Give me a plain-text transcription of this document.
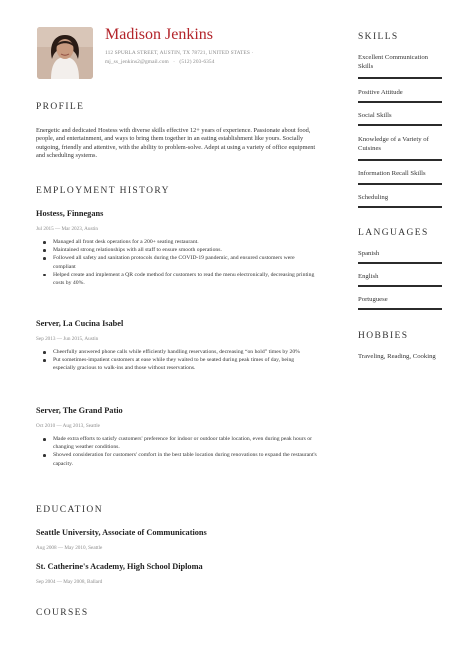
Madison Jenkins
112 SPURLA STREET, AUSTIN, TX 78721, UNITED STATES ·
mj_ss_jenkins2@gmail.com   ·   (512) 203-6354
PROFILE
Energetic and dedicated Hostess with diverse skills effective 12+ years of experience. Passionate about food, people, and entertainment, and ways to bring them together in an eating establishment like yours. Socially outgoing, friendly and attentive, with the ability to problem-solve. Adept at using a variety of office equipment and scheduling systems.
EMPLOYMENT HISTORY
Hostess, Finnegans
Jul 2015 — Mar 2023, Austin
Managed all front desk operations for a 200+ seating restaurant.
Maintained strong relationships with all staff to ensure smooth operations.
Followed all safety and sanitation protocols during the COVID-19 pandemic, and ensured customers were compliant
Helped create and implement a QR code method for customers to read the menu electronically, decreasing printing costs by 40%.
Server, La Cucina Isabel
Sep 2013 — Jun 2015, Austin
Cheerfully answered phone calls while efficiently handling reservations, decreasing “on hold” times by 20%
Put sometimes-impatient customers at ease while they waited to be seated during peak times of day, being especially gracious to walk-ins and those without reservations.
Server, The Grand Patio
Oct 2010 — Aug 2013, Seattle
Made extra efforts to satisfy customers' preference for indoor or outdoor table location, even during peak hours or changing weather conditions.
Showed consideration for customers' comfort in the best table location during renovations to expand the restaurant's capacity.
EDUCATION
Seattle University, Associate of Communications
Aug 2008 — May 2010, Seattle
St. Catherine's Academy, High School Diploma
Sep 2004 — May 2008, Ballard
COURSES
SKILLS
Excellent Communication Skills
Positive Attitude
Social Skills
Knowledge of a Variety of Cuisines
Information Recall Skills
Scheduling
LANGUAGES
Spanish
English
Portuguese
HOBBIES
Traveling, Reading, Cooking
